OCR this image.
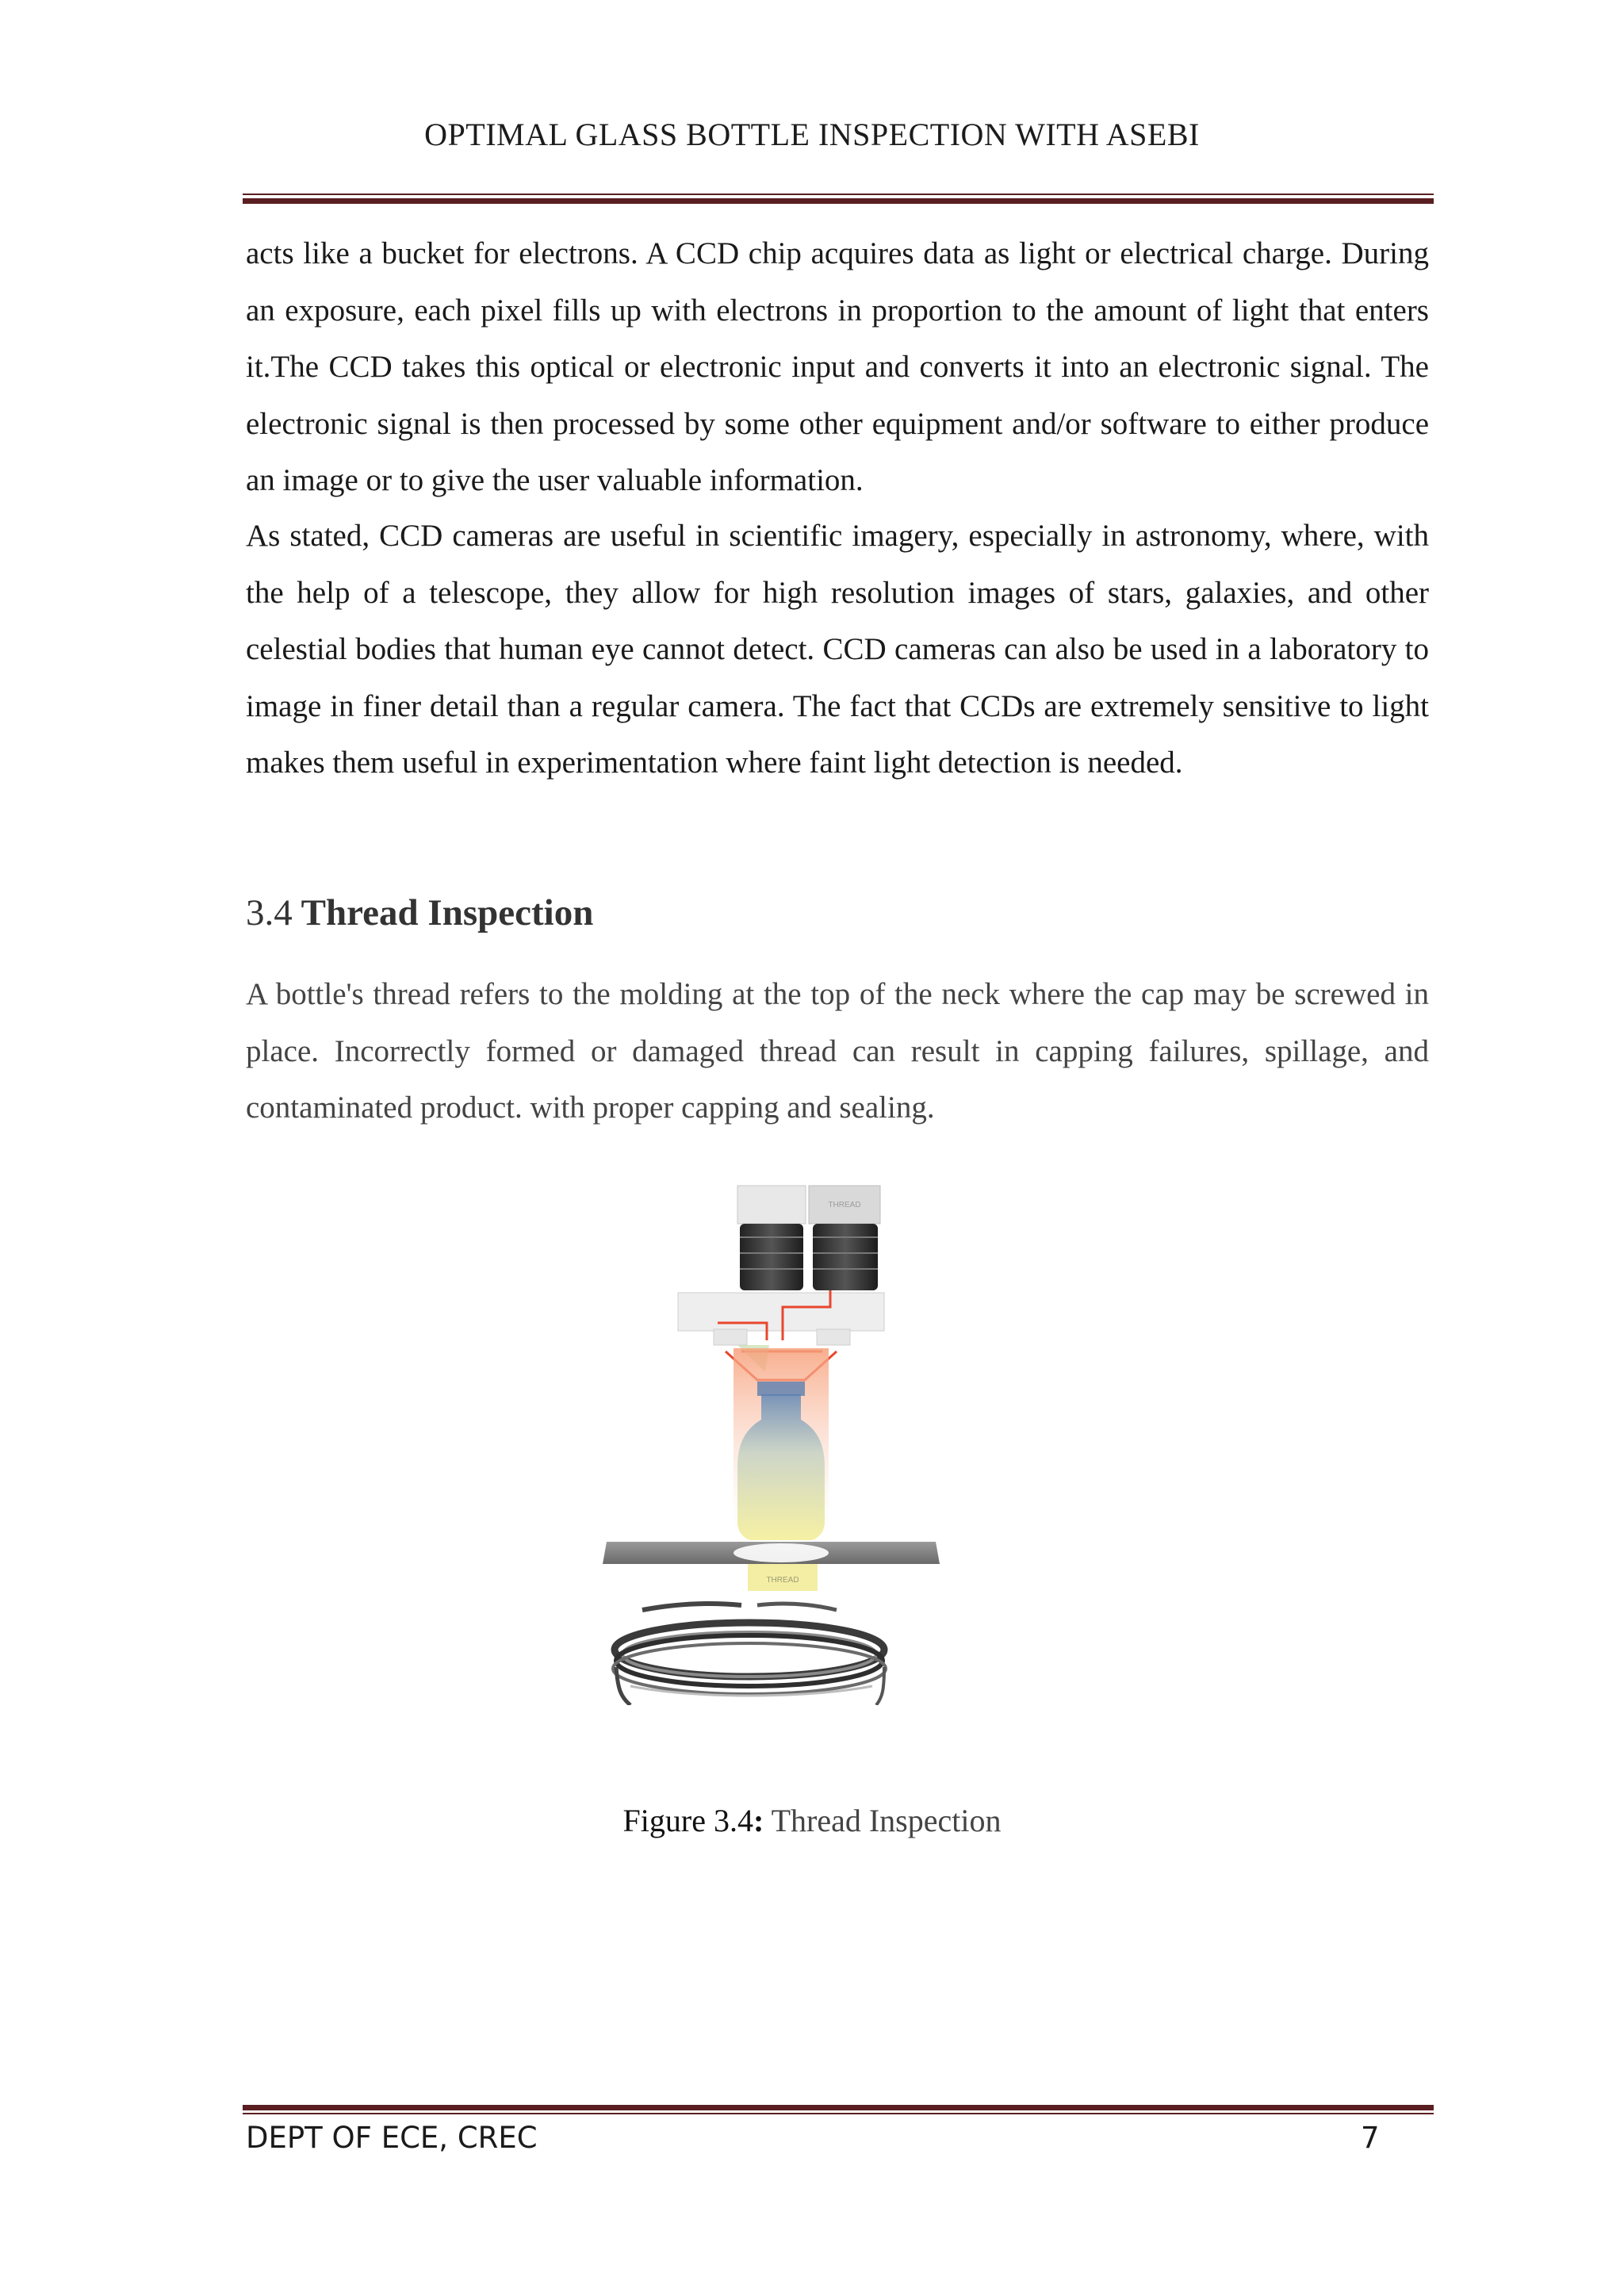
OPTIMAL GLASS BOTTLE INSPECTION WITH ASEBI

acts like a bucket for electrons. A CCD chip acquires data as light or electrical charge. During an exposure, each pixel fills up with electrons in proportion to the amount of light that enters it.The CCD takes this optical or electronic input and converts it into an electronic signal. The electronic signal is then processed by some other equipment and/or software to either produce an image or to give the user valuable information.

As stated, CCD cameras are useful in scientific imagery, especially in astronomy, where, with the help of a telescope, they allow for high resolution images of stars, galaxies, and other celestial bodies that human eye cannot detect. CCD cameras can also be used in a laboratory to image in finer detail than a regular camera. The fact that CCDs are extremely sensitive to light makes them useful in experimentation where faint light detection is needed.

3.4 Thread Inspection

A bottle's thread refers to the molding at the top of the neck where the cap may be screwed in place. Incorrectly formed or damaged thread can result in capping failures, spillage, and contaminated product. with proper capping and sealing.

THREAD
THREAD
Figure 3.4: Thread Inspection
DEPT OF ECE, CREC	7
